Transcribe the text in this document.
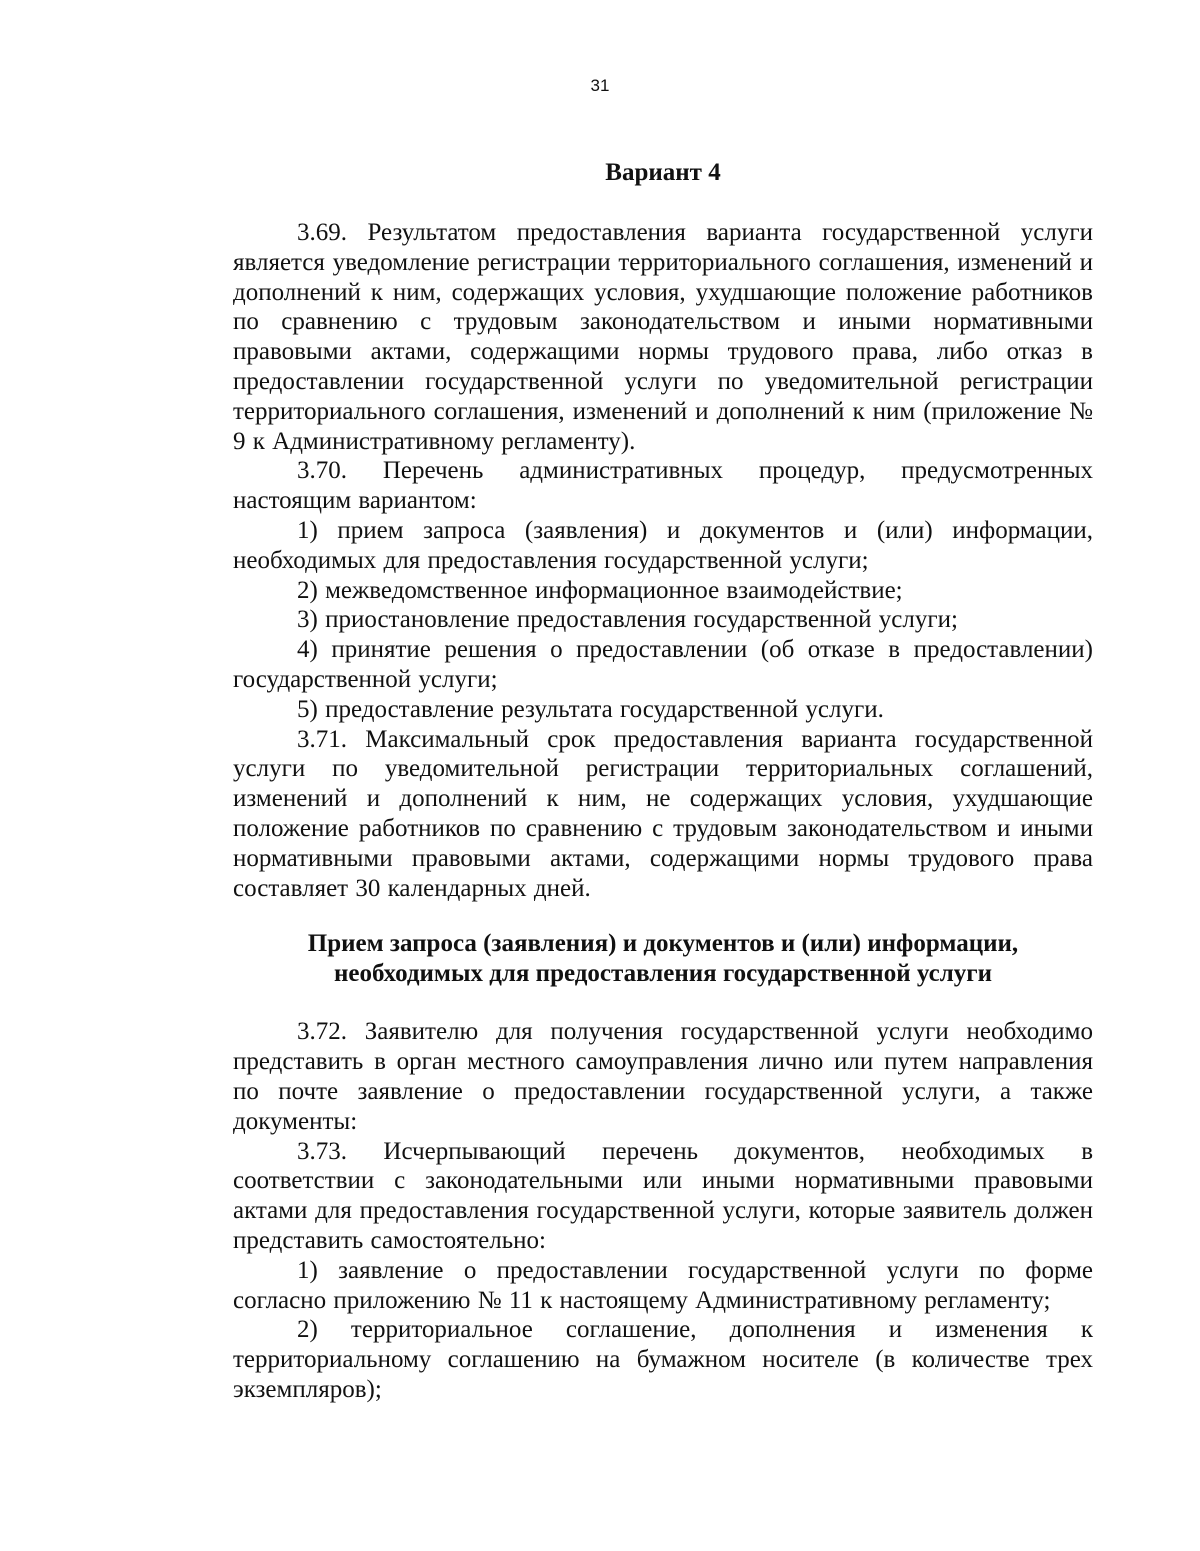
31
Вариант 4

3.69. Результатом предоставления варианта государственной услуги является уведомление регистрации территориального соглашения, изменений и дополнений к ним, содержащих условия, ухудшающие положение работников по сравнению с трудовым законодательством и иными нормативными правовыми актами, содержащими нормы трудового права, либо отказ в предоставлении государственной услуги по уведомительной регистрации территориального соглашения, изменений и дополнений к ним (приложение № 9 к Административному регламенту).

3.70. Перечень административных процедур, предусмотренных настоящим вариантом:

1) прием запроса (заявления) и документов и (или) информации, необходимых для предоставления государственной услуги;

2) межведомственное информационное взаимодействие;

3) приостановление предоставления государственной услуги;

4) принятие решения о предоставлении (об отказе в предоставлении) государственной услуги;

5) предоставление результата государственной услуги.

3.71. Максимальный срок предоставления варианта государственной услуги по уведомительной регистрации территориальных соглашений, изменений и дополнений к ним, не содержащих условия, ухудшающие положение работников по сравнению с трудовым законодательством и иными нормативными правовыми актами, содержащими нормы трудового права составляет 30 календарных дней.

Прием запроса (заявления) и документов и (или) информации,
необходимых для предоставления государственной услуги

3.72. Заявителю для получения государственной услуги необходимо представить в орган местного самоуправления лично или путем направления по почте заявление о предоставлении государственной услуги, а также документы:

3.73. Исчерпывающий перечень документов, необходимых в соответствии с законодательными или иными нормативными правовыми актами для предоставления государственной услуги, которые заявитель должен представить самостоятельно:

1) заявление о предоставлении государственной услуги по форме согласно приложению № 11 к настоящему Административному регламенту;

2) территориальное соглашение, дополнения и изменения к территориальному соглашению на бумажном носителе (в количестве трех экземпляров);
